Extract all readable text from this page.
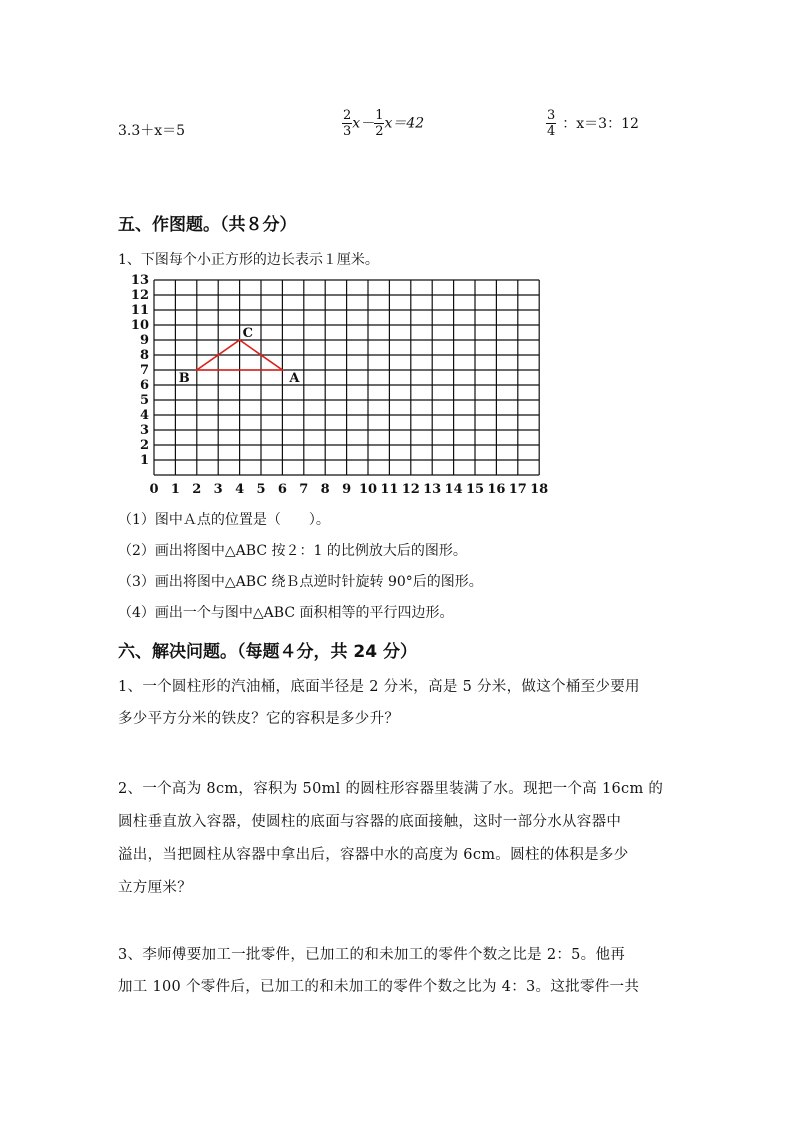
3.3＋x＝5	$\frac{2}{3} x- \frac{1}{2} x=42$	$\frac{3}{4}$ ：x＝3：12
五、作图题。（共８分）
1、下图每个小正方形的边长表示１厘米。
1
2
3
4
5
6
7
8
9
10
11
12
13
0 1 2 3 4 5 6 7 8 9 10 11 12 13 14 15 16 17 18
A
B
C
（1）图中Ａ点的位置是（　　）。
（2）画出将图中△ABC 按２：1 的比例放大后的图形。
（3）画出将图中△ABC 绕Ｂ点逆时针旋转 90°后的图形。
（4）画出一个与图中△ABC 面积相等的平行四边形。
六、解决问题。（每题４分，共 24 分）
1、一个圆柱形的汽油桶，底面半径是 2 分米，高是 5 分米，做这个桶至少要用
多少平方分米的铁皮？它的容积是多少升？
2、一个高为 8cm，容积为 50ml 的圆柱形容器里装满了水。现把一个高 16cm 的
圆柱垂直放入容器，使圆柱的底面与容器的底面接触，这时一部分水从容器中
溢出，当把圆柱从容器中拿出后，容器中水的高度为 6cm。圆柱的体积是多少
立方厘米？
3、李师傅要加工一批零件，已加工的和未加工的零件个数之比是 2：5。他再
加工 100 个零件后，已加工的和未加工的零件个数之比为 4：3。这批零件一共
